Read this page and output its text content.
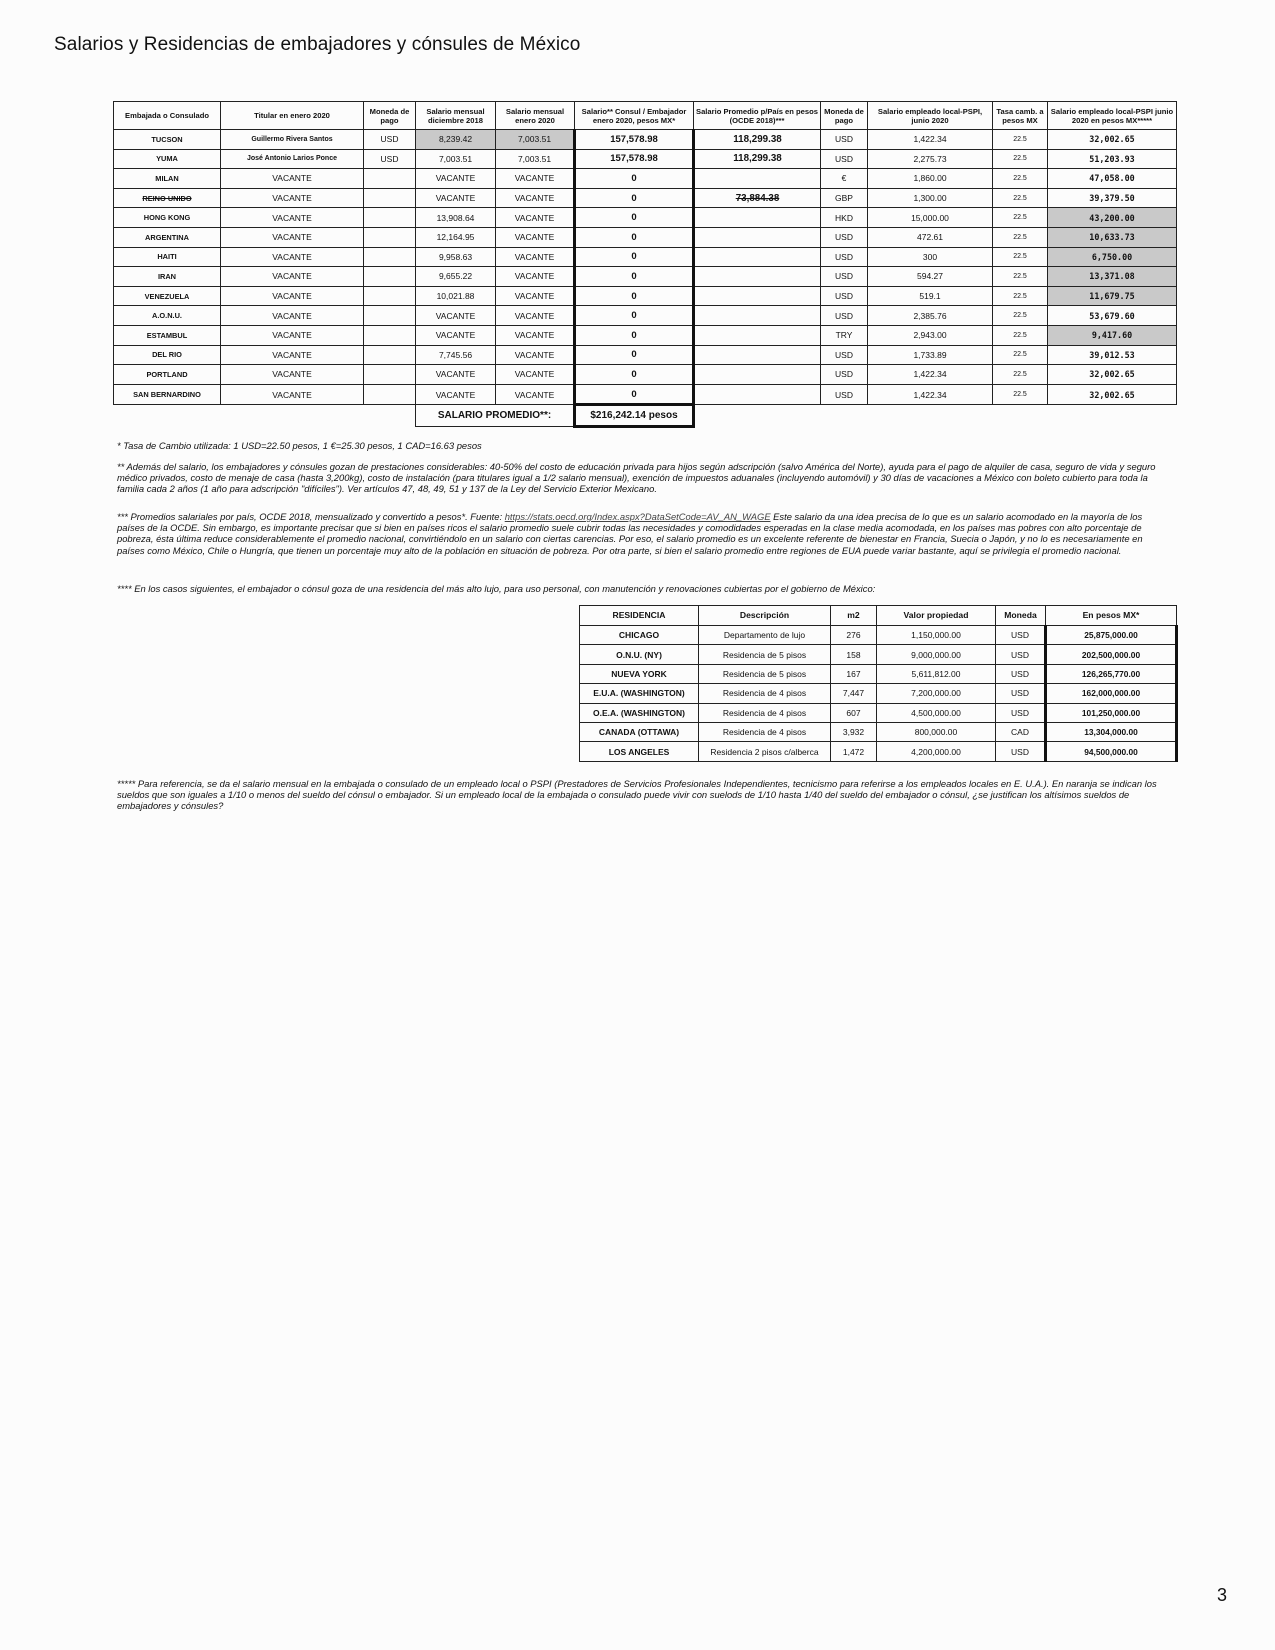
Salarios y Residencias de embajadores y cónsules de México
Embajada o Consulado	Titular en enero 2020	Moneda de pago	Salario mensual diciembre 2018	Salario mensual enero 2020	Salario** Consul / Embajador enero 2020, pesos MX*	Salario Promedio p/País en pesos (OCDE 2018)***	Moneda de pago	Salario empleado local-PSPI, junio 2020	Tasa camb. a pesos MX	Salario empleado local-PSPI junio 2020 en pesos MX*****
TUCSON	Guillermo Rivera Santos	USD	8,239.42	7,003.51	157,578.98	118,299.38	USD	1,422.34	22.5	32,002.65
YUMA	José Antonio Larios Ponce	USD	7,003.51	7,003.51	157,578.98	118,299.38	USD	2,275.73	22.5	51,203.93
MILAN	VACANTE		VACANTE	VACANTE	0		€	1,860.00	22.5	47,058.00
REINO UNIDO	VACANTE		VACANTE	VACANTE	0	73,884.38	GBP	1,300.00	22.5	39,379.50
HONG KONG	VACANTE		13,908.64	VACANTE	0		HKD	15,000.00	22.5	43,200.00
ARGENTINA	VACANTE		12,164.95	VACANTE	0		USD	472.61	22.5	10,633.73
HAITI	VACANTE		9,958.63	VACANTE	0		USD	300	22.5	6,750.00
IRAN	VACANTE		9,655.22	VACANTE	0		USD	594.27	22.5	13,371.08
VENEZUELA	VACANTE		10,021.88	VACANTE	0		USD	519.1	22.5	11,679.75
A.O.N.U.	VACANTE		VACANTE	VACANTE	0		USD	2,385.76	22.5	53,679.60
ESTAMBUL	VACANTE		VACANTE	VACANTE	0		TRY	2,943.00	22.5	9,417.60
DEL RIO	VACANTE		7,745.56	VACANTE	0		USD	1,733.89	22.5	39,012.53
PORTLAND	VACANTE		VACANTE	VACANTE	0		USD	1,422.34	22.5	32,002.65
SAN BERNARDINO	VACANTE		VACANTE	VACANTE	0		USD	1,422.34	22.5	32,002.65
			SALARIO PROMEDIO**:		$216,242.14 pesos					
* Tasa de Cambio utilizada: 1 USD=22.50 pesos, 1 €=25.30 pesos, 1 CAD=16.63 pesos
** Además del salario, los embajadores y cónsules gozan de prestaciones considerables: 40-50% del costo de educación privada para hijos según adscripción (salvo América del Norte), ayuda para el pago de alquiler de casa, seguro de vida y seguro médico privados, costo de menaje de casa (hasta 3,200kg), costo de instalación (para titulares igual a 1/2 salario mensual), exención de impuestos aduanales (incluyendo automóvil) y 30 días de vacaciones a México con boleto cubierto para toda la familia cada 2 años (1 año para adscripción "difíciles"). Ver artículos 47, 48, 49, 51 y 137 de la Ley del Servicio Exterior Mexicano.
*** Promedios salariales por país, OCDE 2018, mensualizado y convertido a pesos*. Fuente: https://stats.oecd.org/Index.aspx?DataSetCode=AV_AN_WAGE Este salario da una idea precisa de lo que es un salario acomodado en la mayoría de los países de la OCDE. Sin embargo, es importante precisar que si bien en países ricos el salario promedio suele cubrir todas las necesidades y comodidades esperadas en la clase media acomodada, en los países mas pobres con alto porcentaje de pobreza, ésta última reduce considerablemente el promedio nacional, convirtiéndolo en un salario con ciertas carencias. Por eso, el salario promedio es un excelente referente de bienestar en Francia, Suecia o Japón, y no lo es necesariamente en países como México, Chile o Hungría, que tienen un porcentaje muy alto de la población en situación de pobreza. Por otra parte, si bien el salario promedio entre regiones de EUA puede variar bastante, aquí se privilegia el promedio nacional.
**** En los casos siguientes, el embajador o cónsul goza de una residencia del más alto lujo, para uso personal, con manutención y renovaciones cubiertas por el gobierno de México:
RESIDENCIA	Descripción	m2	Valor propiedad	Moneda	En pesos MX*
CHICAGO	Departamento de lujo	276	1,150,000.00	USD	25,875,000.00
O.N.U. (NY)	Residencia de 5 pisos	158	9,000,000.00	USD	202,500,000.00
NUEVA YORK	Residencia de 5 pisos	167	5,611,812.00	USD	126,265,770.00
E.U.A. (WASHINGTON)	Residencia de 4 pisos	7,447	7,200,000.00	USD	162,000,000.00
O.E.A. (WASHINGTON)	Residencia de 4 pisos	607	4,500,000.00	USD	101,250,000.00
CANADA (OTTAWA)	Residencia de 4 pisos	3,932	800,000.00	CAD	13,304,000.00
LOS ANGELES	Residencia 2 pisos c/alberca	1,472	4,200,000.00	USD	94,500,000.00
***** Para referencia, se da el salario mensual en la embajada o consulado de un empleado local o PSPI (Prestadores de Servicios Profesionales Independientes, tecnicismo para referirse a los empleados locales en E. U.A.). En naranja se indican los sueldos que son iguales a 1/10 o menos del sueldo del cónsul o embajador. Si un empleado local de la embajada o consulado puede vivir con suelods de 1/10 hasta 1/40 del sueldo del embajador o cónsul, ¿se justifican los altísimos sueldos de embajadores y cónsules?
3
